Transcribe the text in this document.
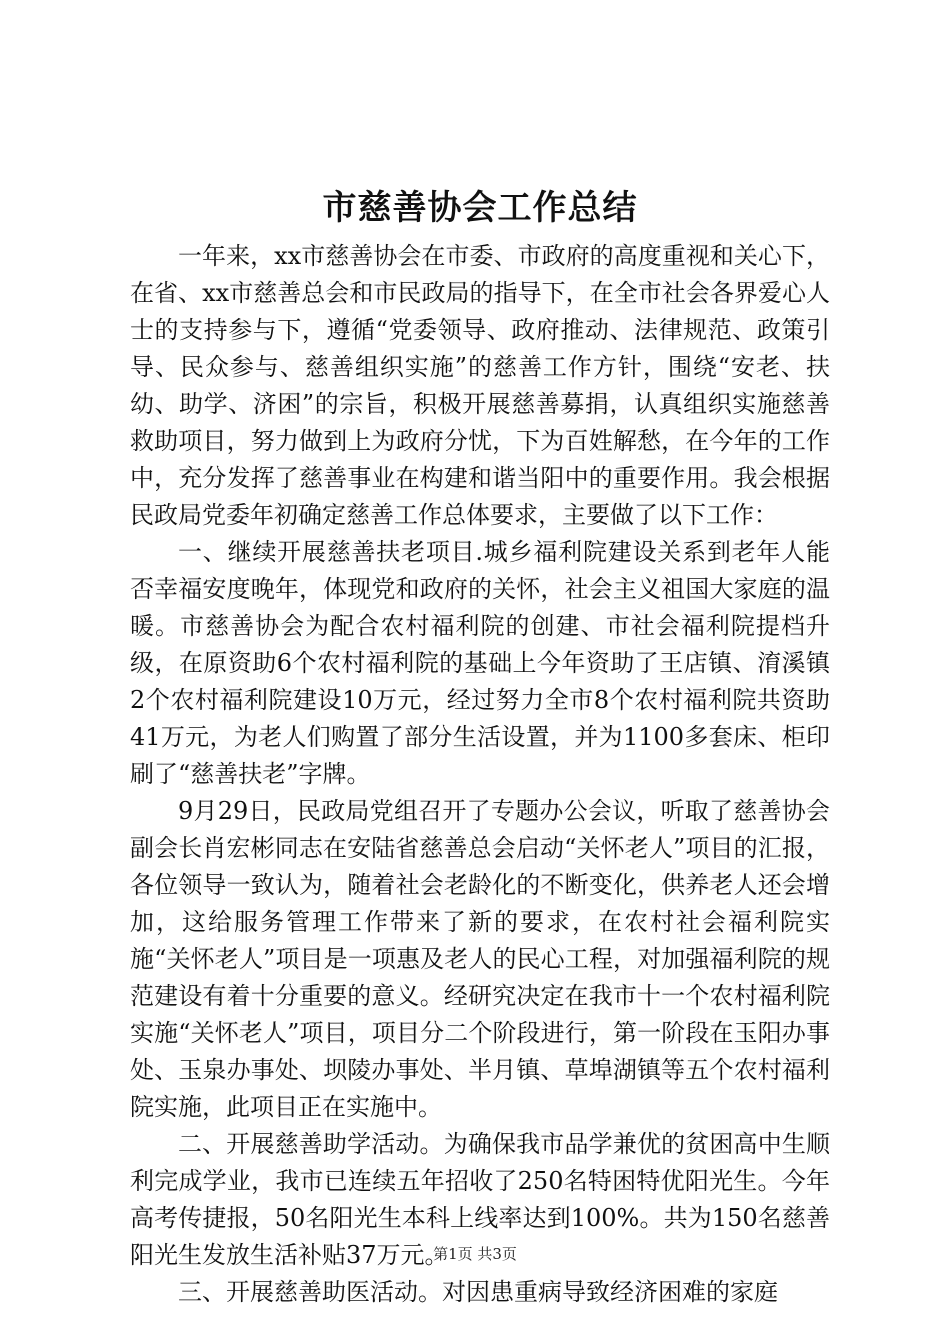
市慈善协会工作总结

一年来，xx市慈善协会在市委、市政府的高度重视和关心下，在省、xx市慈善总会和市民政局的指导下，在全市社会各界爱心人士的支持参与下，遵循“党委领导、政府推动、法律规范、政策引导、民众参与、慈善组织实施”的慈善工作方针，围绕“安老、扶幼、助学、济困”的宗旨，积极开展慈善募捐，认真组织实施慈善救助项目，努力做到上为政府分忧，下为百姓解愁，在今年的工作中，充分发挥了慈善事业在构建和谐当阳中的重要作用。我会根据民政局党委年初确定慈善工作总体要求，主要做了以下工作：

一、继续开展慈善扶老项目.城乡福利院建设关系到老年人能否幸福安度晚年，体现党和政府的关怀，社会主义祖国大家庭的温暖。市慈善协会为配合农村福利院的创建、市社会福利院提档升级，在原资助6个农村福利院的基础上今年资助了王店镇、淯溪镇2个农村福利院建设10万元，经过努力全市8个农村福利院共资助41万元，为老人们购置了部分生活设置，并为1100多套床、柜印刷了“慈善扶老”字牌。

9月29日，民政局党组召开了专题办公会议，听取了慈善协会副会长肖宏彬同志在安陆省慈善总会启动“关怀老人”项目的汇报，各位领导一致认为，随着社会老龄化的不断变化，供养老人还会增加，这给服务管理工作带来了新的要求，在农村社会福利院实施“关怀老人”项目是一项惠及老人的民心工程，对加强福利院的规范建设有着十分重要的意义。经研究决定在我市十一个农村福利院实施“关怀老人”项目，项目分二个阶段进行，第一阶段在玉阳办事处、玉泉办事处、坝陵办事处、半月镇、草埠湖镇等五个农村福利院实施，此项目正在实施中。

二、开展慈善助学活动。为确保我市品学兼优的贫困高中生顺利完成学业，我市已连续五年招收了250名特困特优阳光生。今年高考传捷报，50名阳光生本科上线率达到100%。共为150名慈善阳光生发放生活补贴37万元。

三、开展慈善助医活动。对因患重病导致经济困难的家庭

第1页 共3页
